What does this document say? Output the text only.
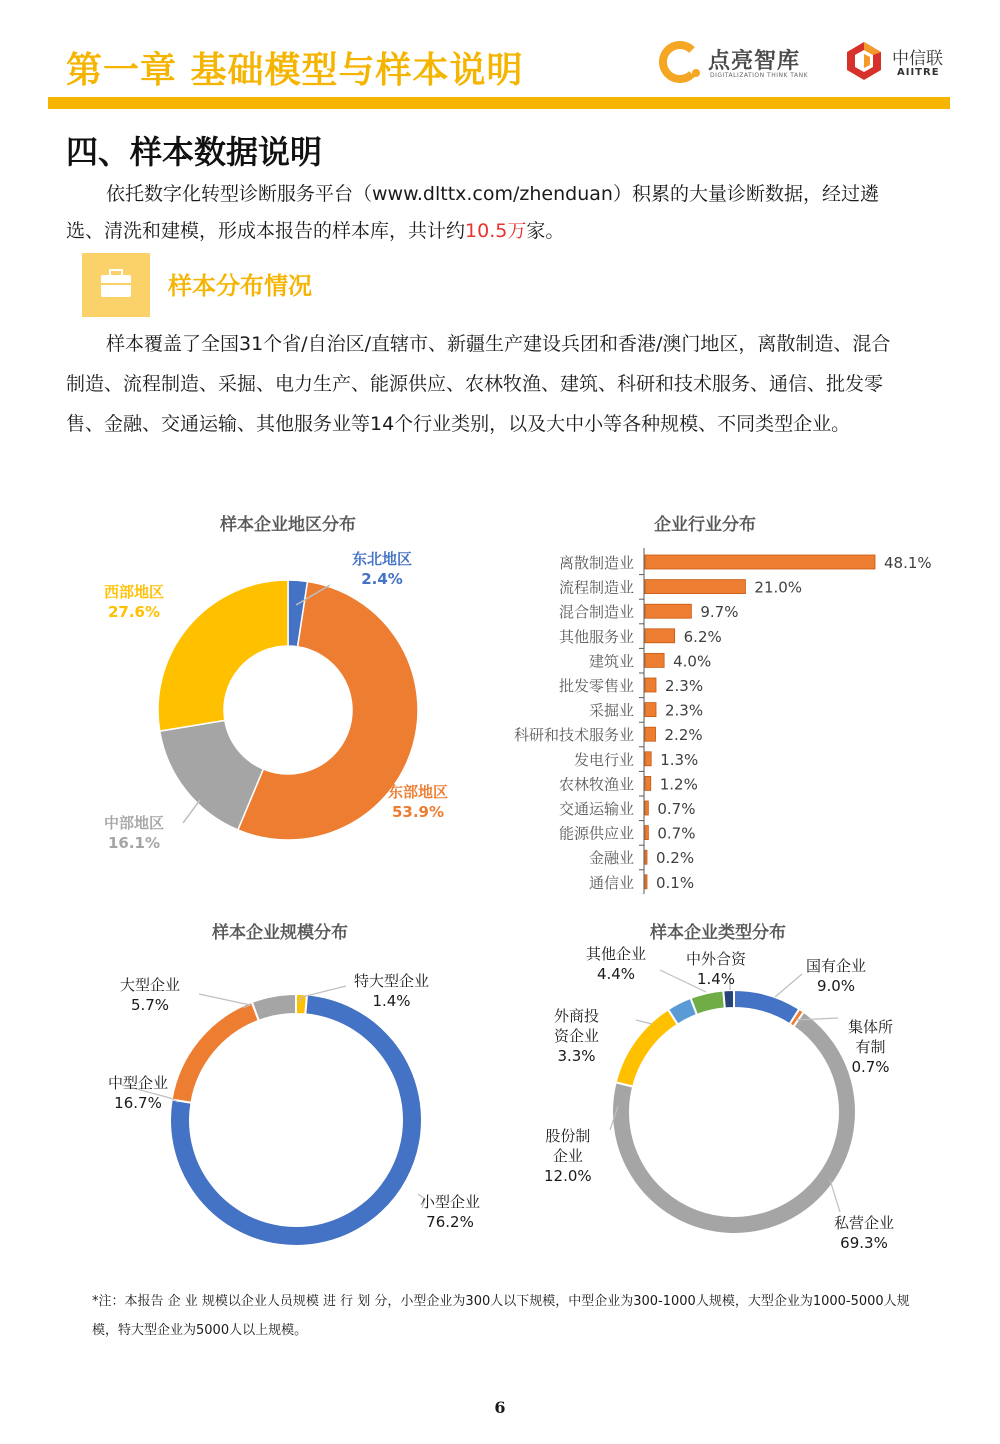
第一章 基础模型与样本说明	点亮智库
DIGITALIZATION THINK TANK
中信联
AIITRE
四、样本数据说明
依托数字化转型诊断服务平台（www.dlttx.com/zhenduan）积累的大量诊断数据，经过遴选、清洗和建模，形成本报告的样本库，共计约10.5万家。
样本分布情况
样本覆盖了全国31个省/自治区/直辖市、新疆生产建设兵团和香港/澳门地区，离散制造、混合制造、流程制造、采掘、电力生产、能源供应、农林牧渔、建筑、科研和技术服务、通信、批发零售、金融、交通运输、其他服务业等14个行业类别，以及大中小等各种规模、不同类型企业。
样本企业地区分布
东北地区
2.4%
东部地区
53.9%
中部地区
16.1%
西部地区
27.6%
企业行业分布
离散制造业	48.1%
流程制造业	21.0%
混合制造业	9.7%
其他服务业	6.2%
建筑业	4.0%
批发零售业 2.3%
采掘业 2.3%
科研和技术服务业 2.2%
发电行业 1.3%
农林牧渔业 1.2%
交通运输业 0.7%
能源供应业 0.7%
金融业 0.2%
通信业 0.1%
样本企业规模分布
特大型企业
1.4%
小型企业
76.2%
中型企业
16.7%
大型企业
5.7%
样本企业类型分布
国有企业
9.0%
集体所
有制
0.7%
私营企业
69.3%
股份制
企业
12.0%
外商投
资企业
3.3%
其他企业
4.4%
中外合资
1.4%
*注：本报告 企 业 规模以企业人员规模 进 行 划 分，小型企业为300人以下规模，中型企业为300-1000人规模，大型企业为1000-5000人规模，特大型企业为5000人以上规模。
6
